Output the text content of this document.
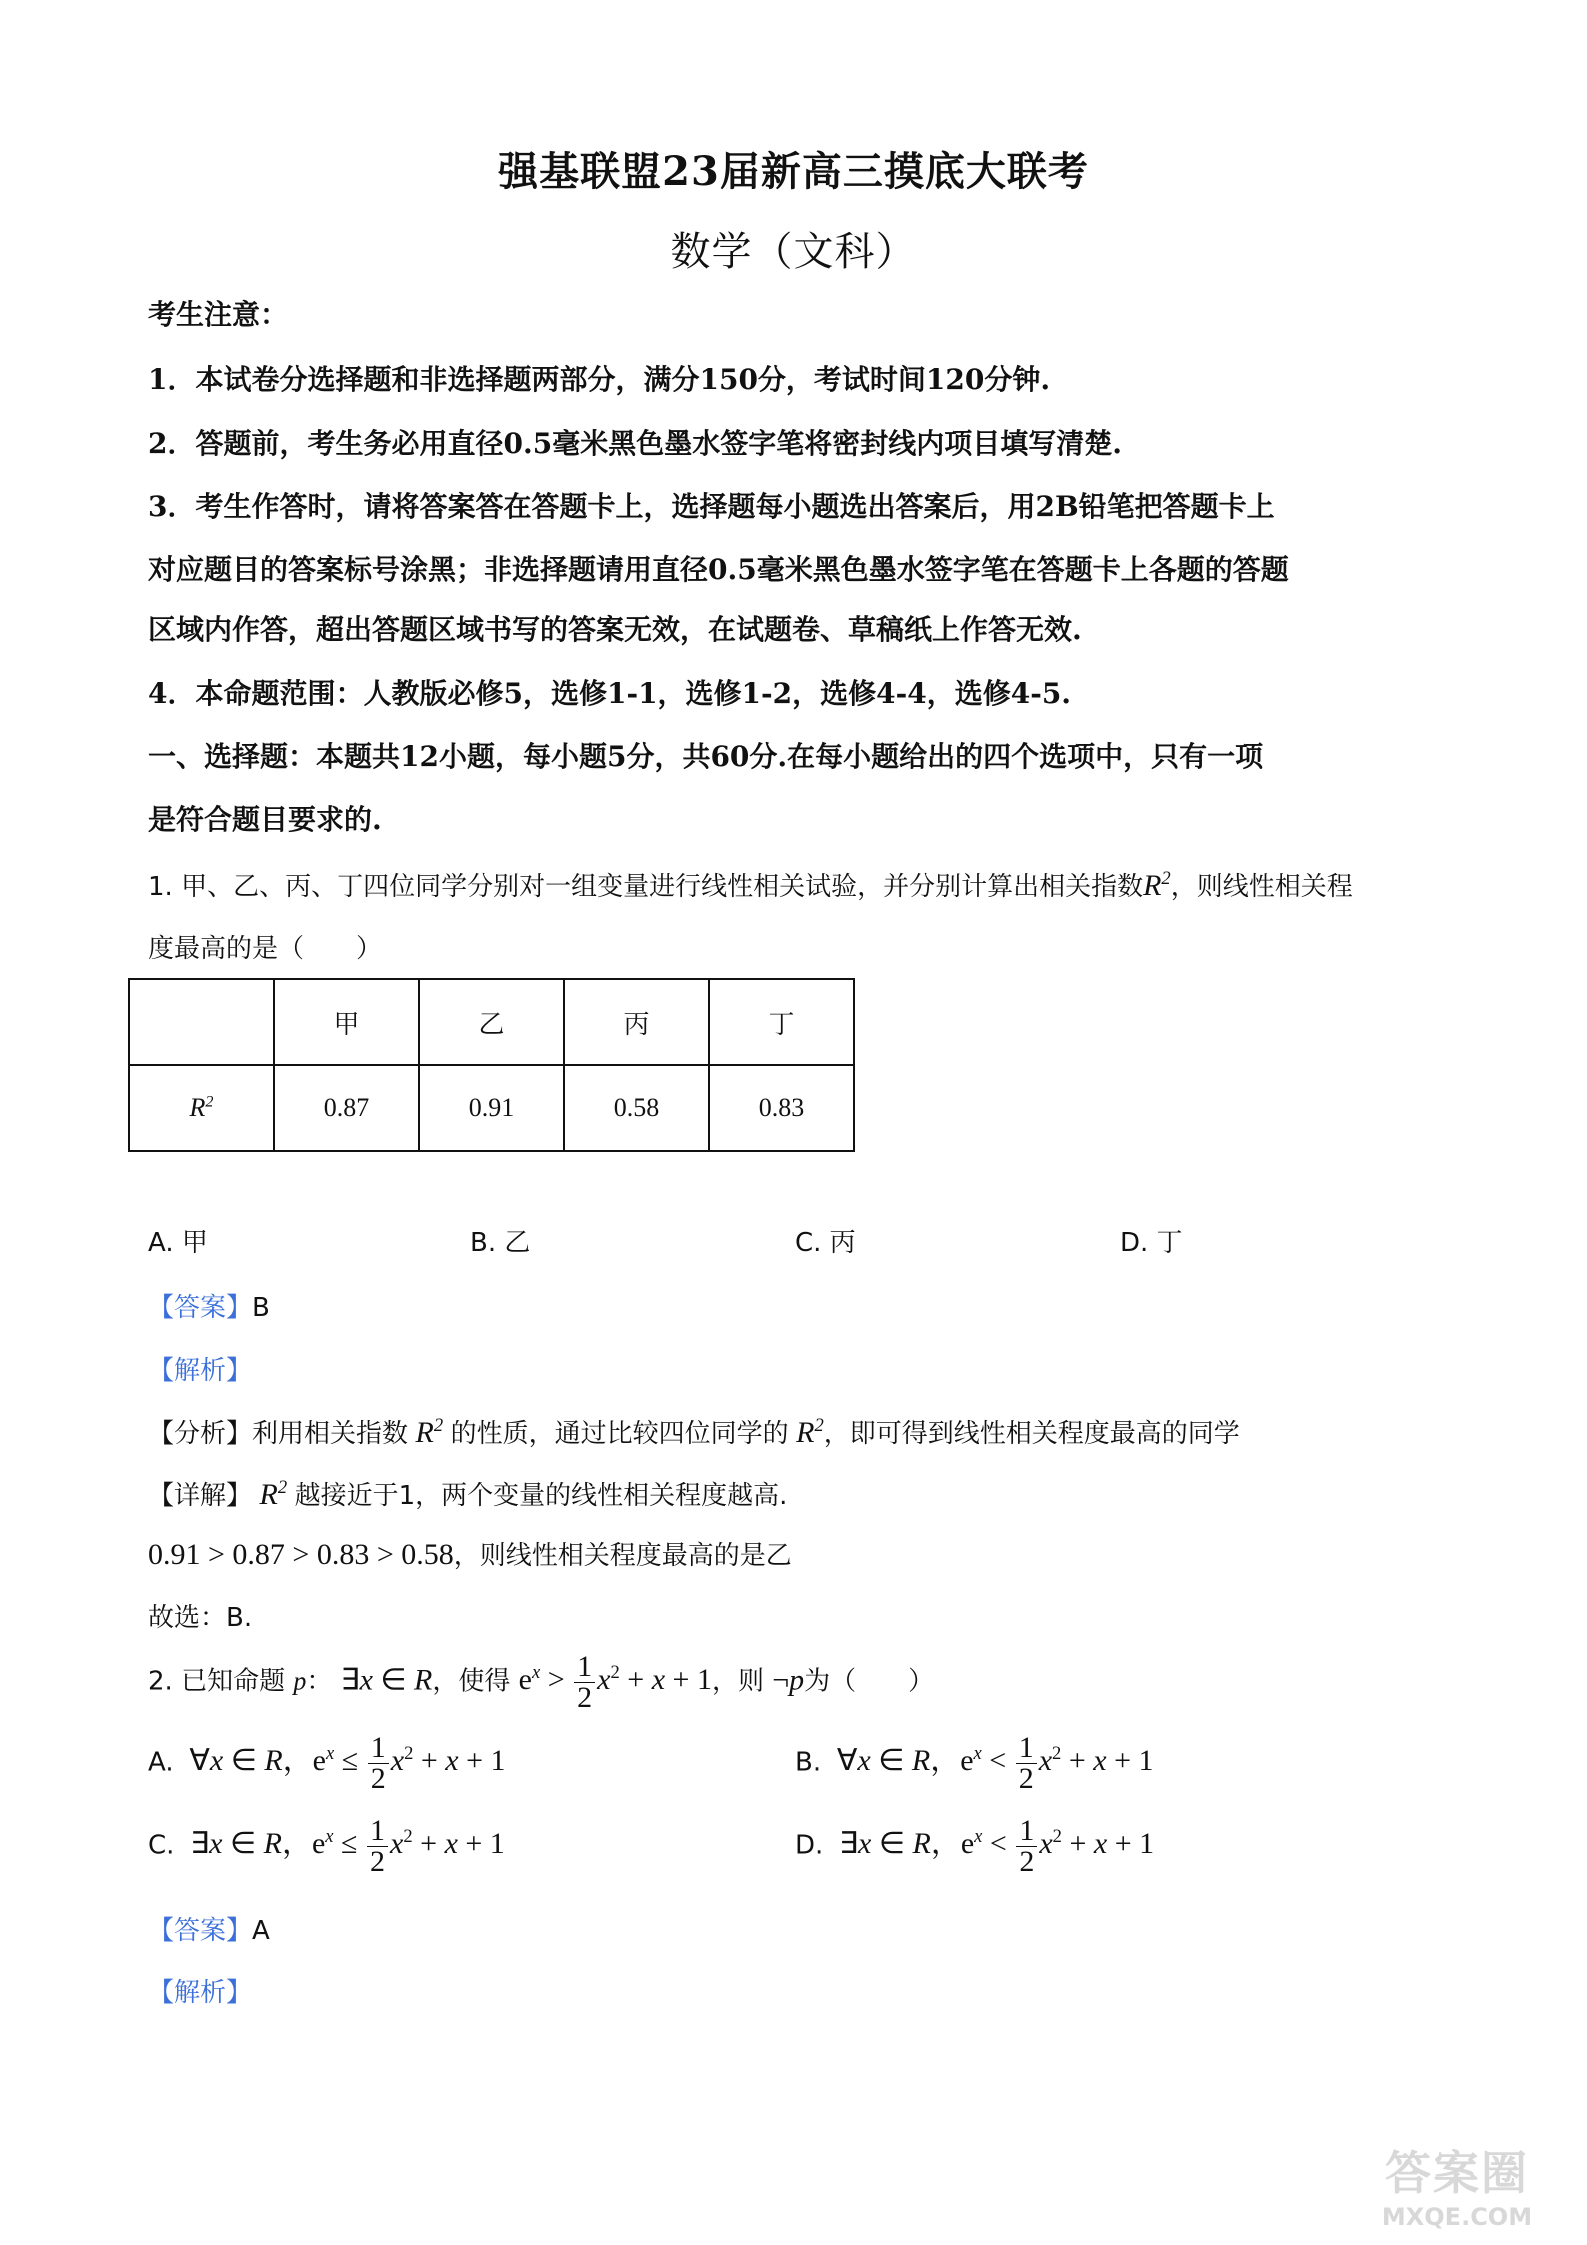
强基联盟23届新高三摸底大联考
数学（文科）
考生注意：
1．本试卷分选择题和非选择题两部分，满分150分，考试时间120分钟.
2．答题前，考生务必用直径0.5毫米黑色墨水签字笔将密封线内项目填写清楚.
3．考生作答时，请将答案答在答题卡上，选择题每小题选出答案后，用2B铅笔把答题卡上
对应题目的答案标号涂黑；非选择题请用直径0.5毫米黑色墨水签字笔在答题卡上各题的答题
区域内作答，超出答题区域书写的答案无效，在试题卷、草稿纸上作答无效.
4．本命题范围：人教版必修5，选修1-1，选修1-2，选修4-4，选修4-5.
一、选择题：本题共12小题，每小题5分，共60分.在每小题给出的四个选项中，只有一项
是符合题目要求的.
1. 甲、乙、丙、丁四位同学分别对一组变量进行线性相关试验，并分别计算出相关指数$R^2$，则线性相关程
度最高的是（　　）
	甲	乙	丙	丁
$R^2$	0.87	0.91	0.58	0.83
A. 甲	B. 乙	C. 丙	D. 丁
【答案】B
【解析】
【分析】利用相关指数 $R^2$ 的性质，通过比较四位同学的 $R^2$，即可得到线性相关程度最高的同学
【详解】 $R^2$ 越接近于1，两个变量的线性相关程度越高.
0.91 > 0.87 > 0.83 > 0.58，则线性相关程度最高的是乙
故选：B.
2. 已知命题 p： ∃x ∈ R，使得 $e^x > \frac{1}{2} x^2 + x + 1$，则 ¬p为（　　）
A.  ∀x ∈ R，$e^x \le \frac{1}{2} x^2 + x + 1$	B.  ∀x ∈ R，$e^x < \frac{1}{2} x^2 + x + 1$
C.  ∃x ∈ R，$e^x \le \frac{1}{2} x^2 + x + 1$	D.  ∃x ∈ R，$e^x < \frac{1}{2} x^2 + x + 1$
【答案】A
【解析】
答案圈
MXQE.COM
